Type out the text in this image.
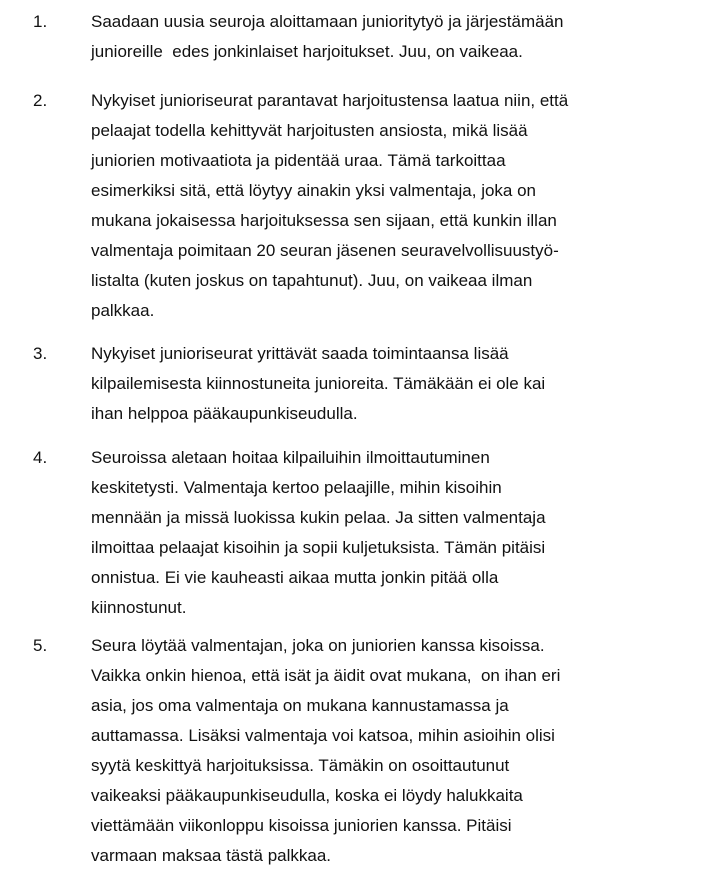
1.	Saadaan uusia seuroja aloittamaan junioritytyö ja järjestämään
junioreille  edes jonkinlaiset harjoitukset. Juu, on vaikeaa.

2.	Nykyiset junioriseurat parantavat harjoitustensa laatua niin, että
pelaajat todella kehittyvät harjoitusten ansiosta, mikä lisää
juniorien motivaatiota ja pidentää uraa. Tämä tarkoittaa
esimerkiksi sitä, että löytyy ainakin yksi valmentaja, joka on
mukana jokaisessa harjoituksessa sen sijaan, että kunkin illan
valmentaja poimitaan 20 seuran jäsenen seuravelvollisuustyö-
listalta (kuten joskus on tapahtunut). Juu, on vaikeaa ilman
palkkaa.

3.	Nykyiset junioriseurat yrittävät saada toimintaansa lisää
kilpailemisesta kiinnostuneita junioreita. Tämäkään ei ole kai
ihan helppoa pääkaupunkiseudulla.

4.	Seuroissa aletaan hoitaa kilpailuihin ilmoittautuminen
keskitetysti. Valmentaja kertoo pelaajille, mihin kisoihin
mennään ja missä luokissa kukin pelaa. Ja sitten valmentaja
ilmoittaa pelaajat kisoihin ja sopii kuljetuksista. Tämän pitäisi
onnistua. Ei vie kauheasti aikaa mutta jonkin pitää olla
kiinnostunut.

5.	Seura löytää valmentajan, joka on juniorien kanssa kisoissa.
Vaikka onkin hienoa, että isät ja äidit ovat mukana,  on ihan eri
asia, jos oma valmentaja on mukana kannustamassa ja
auttamassa. Lisäksi valmentaja voi katsoa, mihin asioihin olisi
syytä keskittyä harjoituksissa. Tämäkin on osoittautunut
vaikeaksi pääkaupunkiseudulla, koska ei löydy halukkaita
viettämään viikonloppu kisoissa juniorien kanssa. Pitäisi
varmaan maksaa tästä palkkaa.
